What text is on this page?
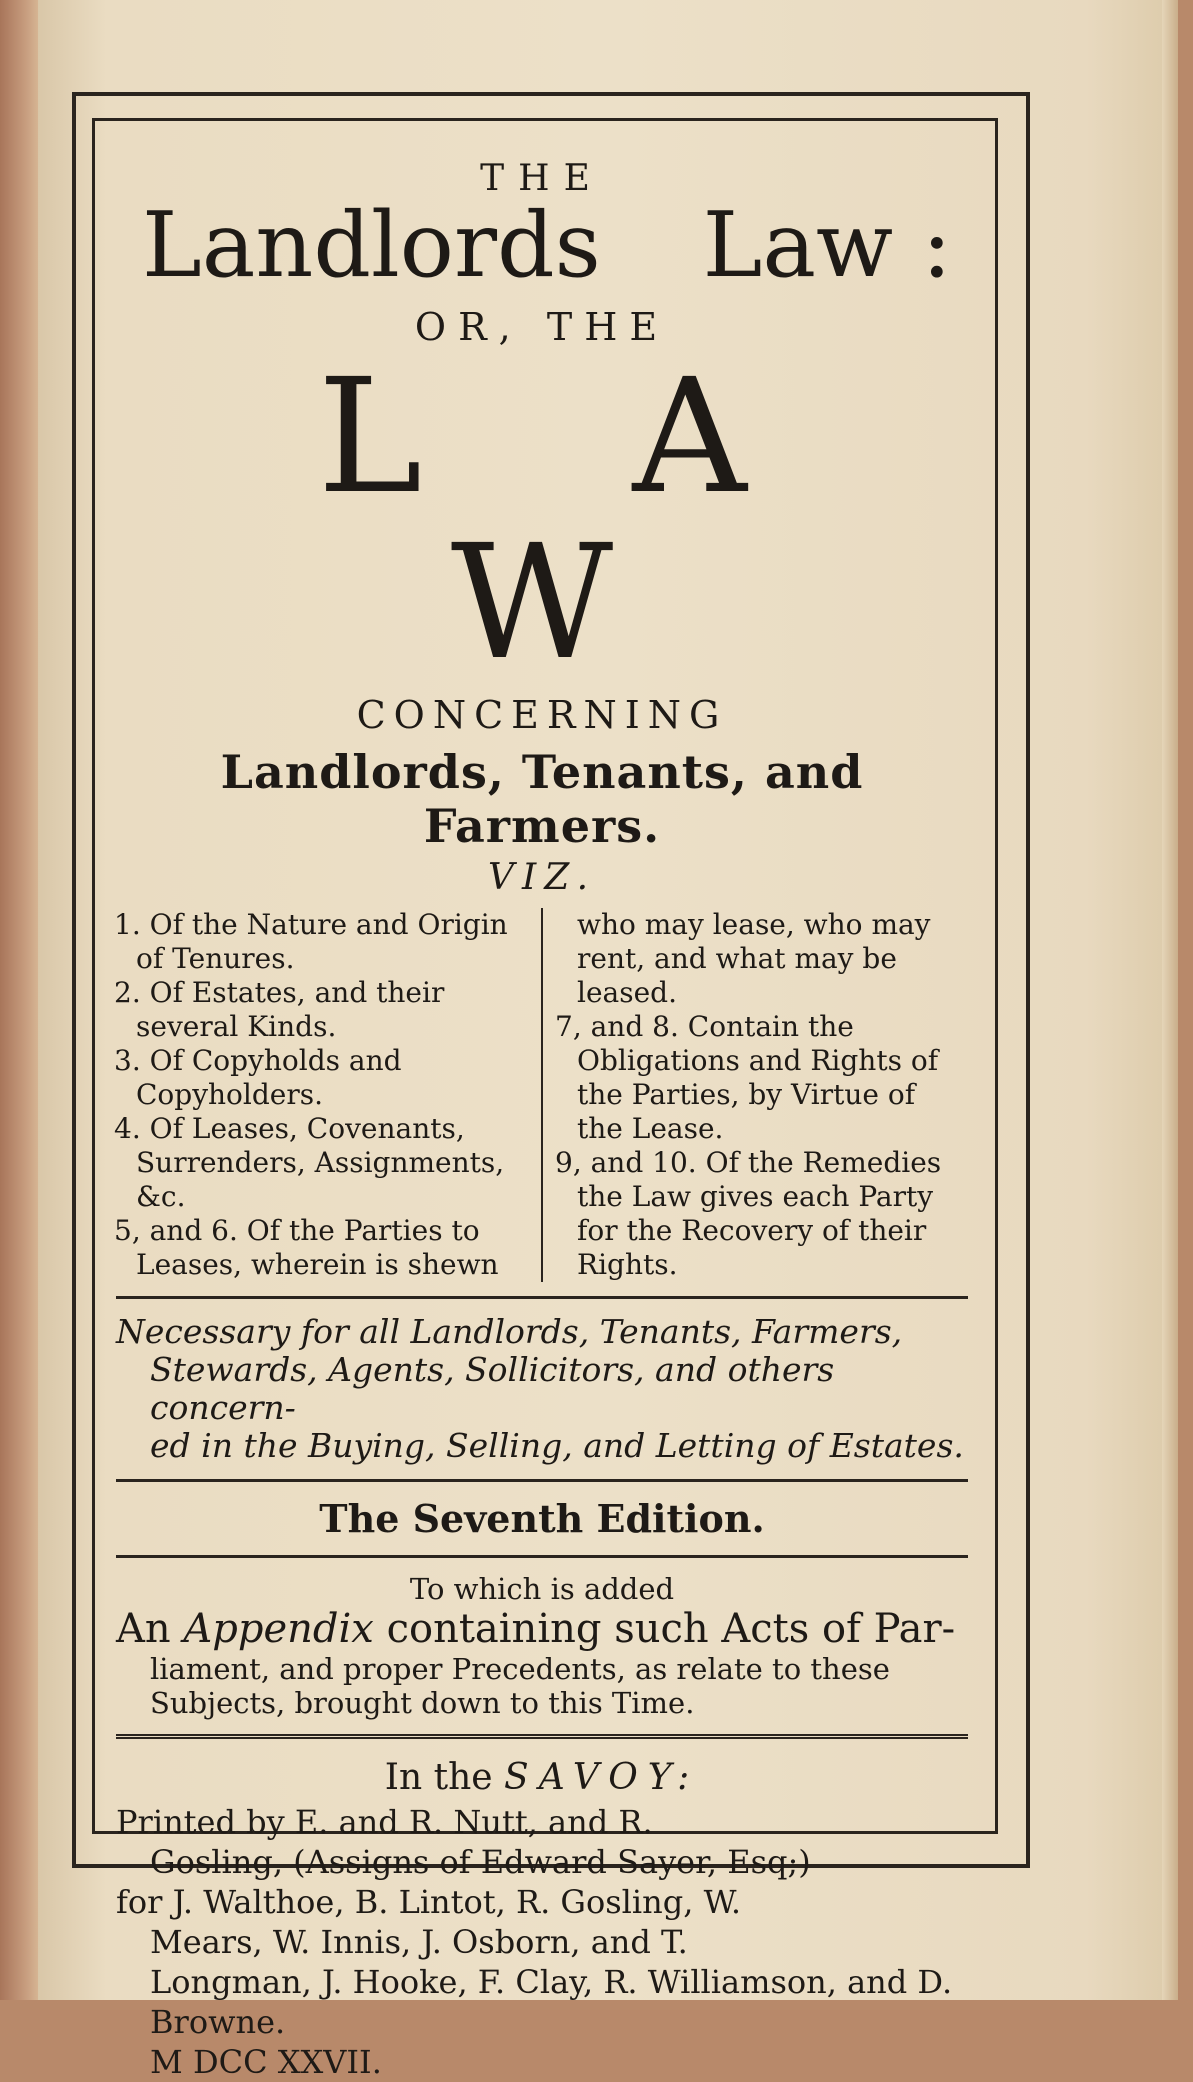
THE
Landlords Law :
OR, THE
L A W
CONCERNING
Landlords, Tenants, and Farmers.
VIZ.
1. Of the Nature and Origin of Tenures.
2. Of Estates, and their several Kinds.
3. Of Copyholds and Copyholders.
4. Of Leases, Covenants, Surrenders, Assignments, &c.
5, and 6. Of the Parties to Leases, wherein is shewn
who may lease, who may rent, and what may be leased.
7, and 8. Contain the Obligations and Rights of the Parties, by Virtue of the Lease.
9, and 10. Of the Remedies the Law gives each Party for the Recovery of their Rights.
Necessary for all Landlords, Tenants, Farmers,
Stewards, Agents, Sollicitors, and others concern-
ed in the Buying, Selling, and Letting of Estates.
The Seventh Edition.
To which is added
An Appendix containing such Acts of Par-
liament, and proper Precedents, as relate to these Subjects, brought down to this Time.
In the SAVOY:
Printed by E. and R. Nutt, and R.
Gosling, (Assigns of Edward Sayer, Esq;)
for J. Walthoe, B. Lintot, R. Gosling, W.
Mears, W. Innis, J. Osborn, and T.
Longman, J. Hooke, F. Clay, R. Williamson, and D. Browne.
M DCC XXVII.
